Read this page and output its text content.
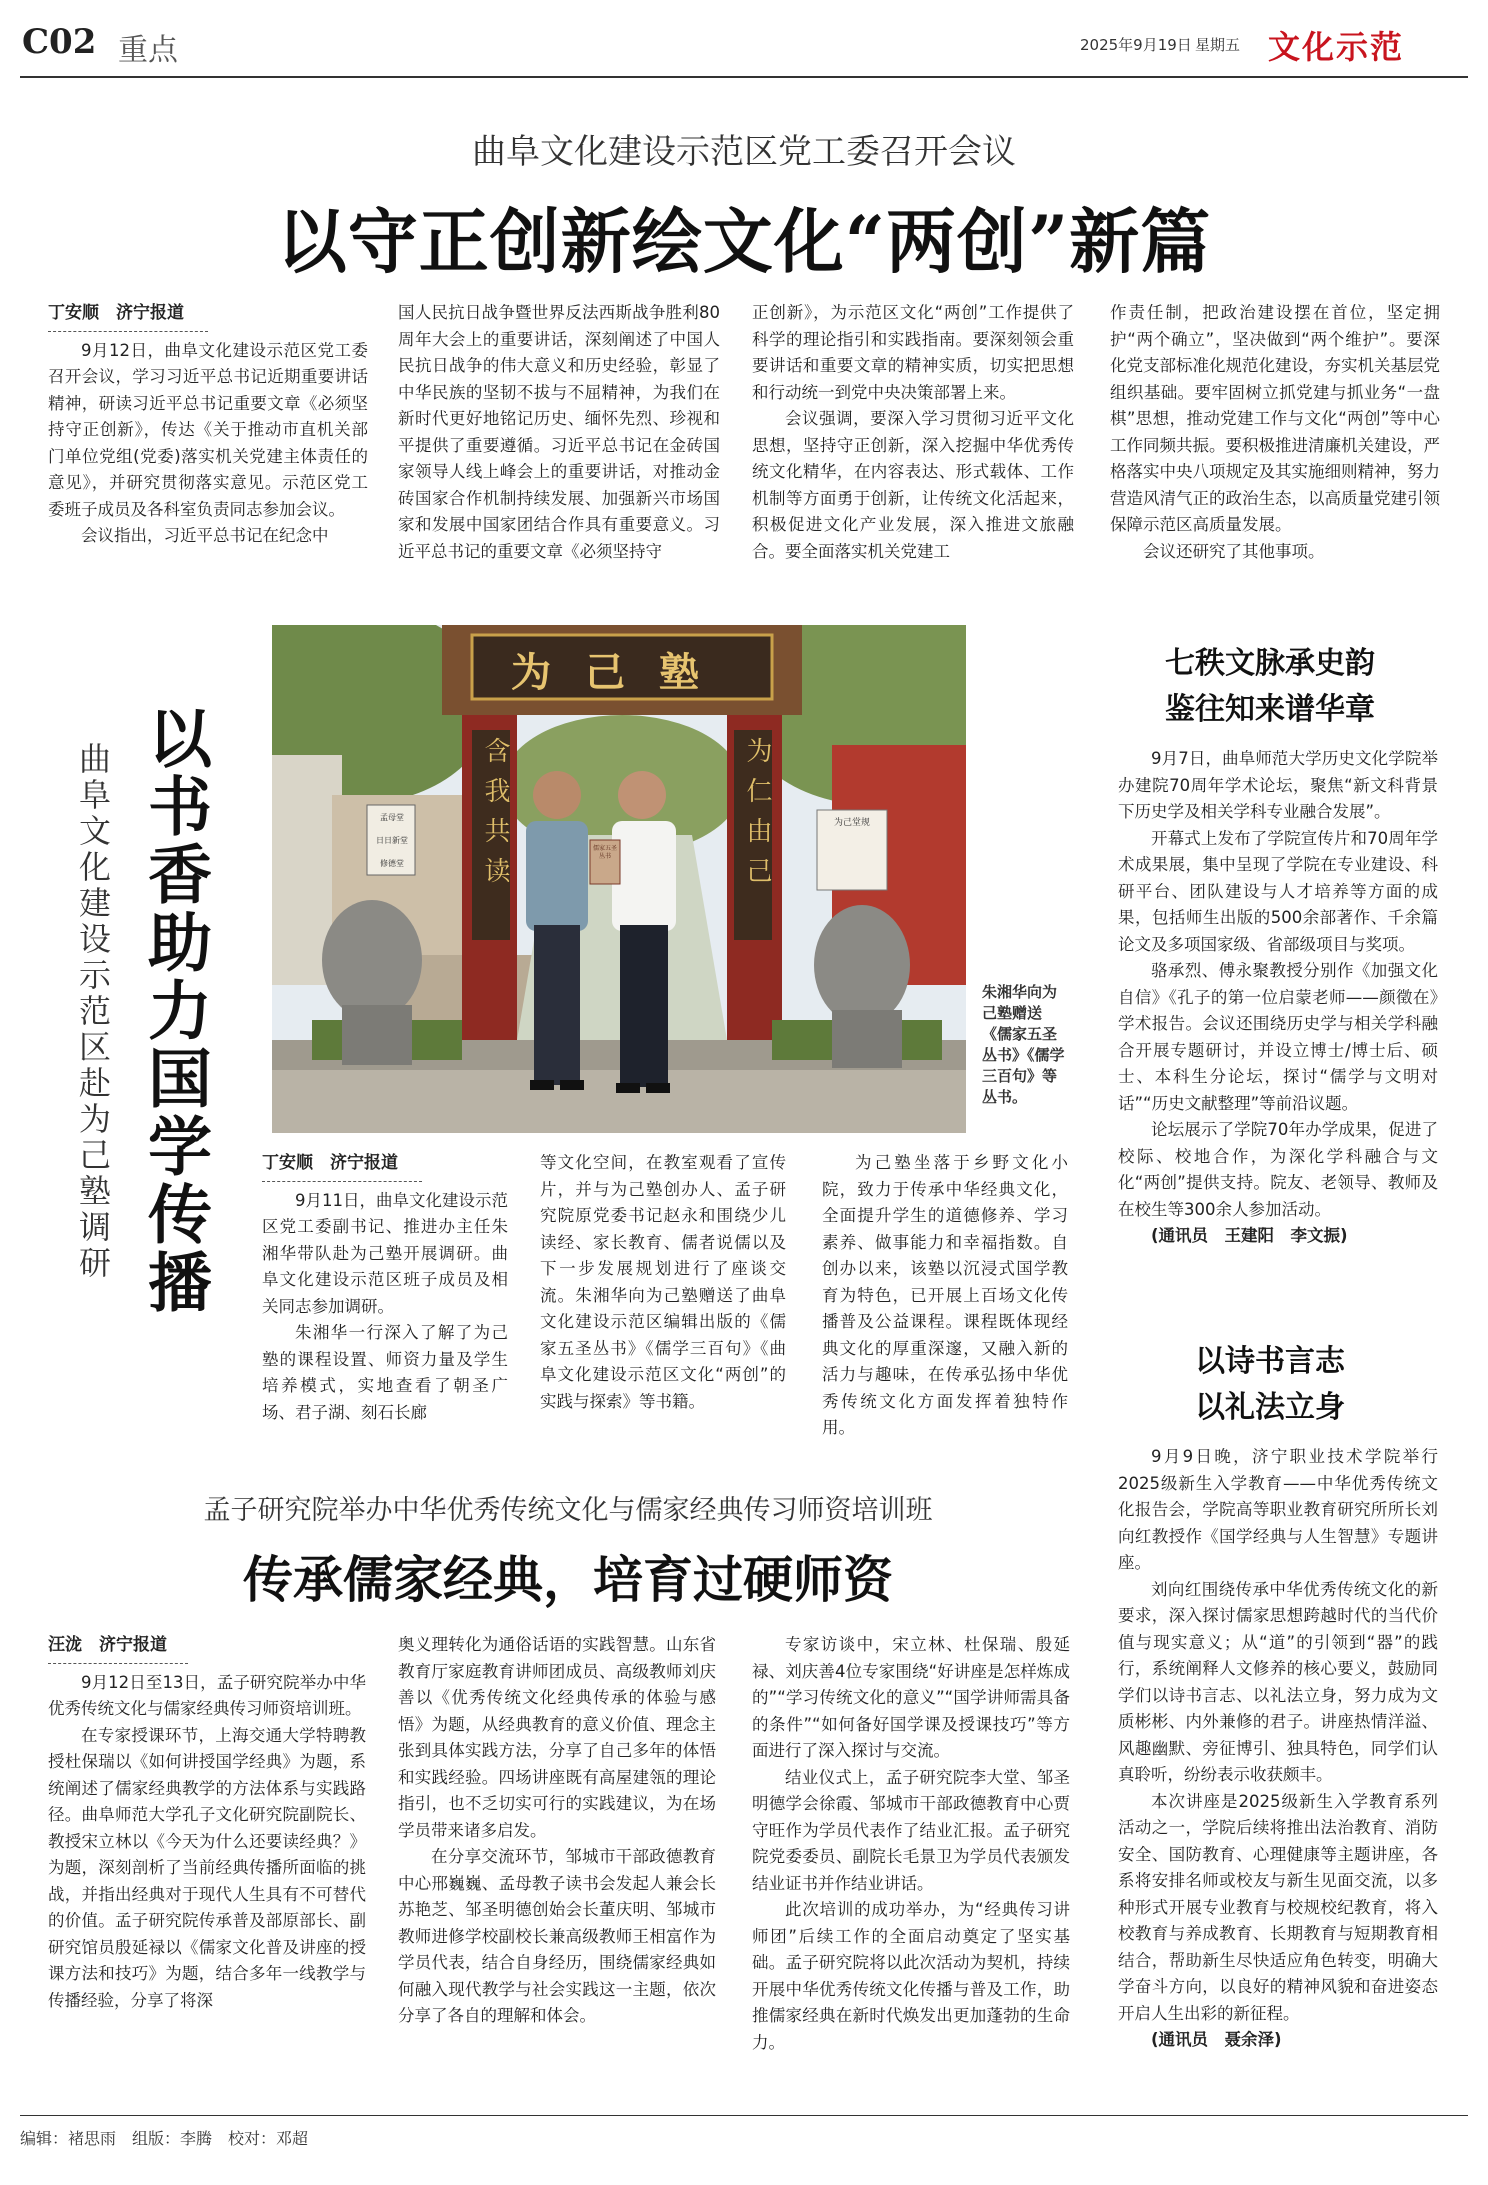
C02 重点	2025年9月19日 星期五 文化示范
曲阜文化建设示范区党工委召开会议
以守正创新绘文化“两创”新篇
丁安顺　济宁报道

9月12日，曲阜文化建设示范区党工委召开会议，学习习近平总书记近期重要讲话精神，研读习近平总书记重要文章《必须坚持守正创新》，传达《关于推动市直机关部门单位党组(党委)落实机关党建主体责任的意见》，并研究贯彻落实意见。示范区党工委班子成员及各科室负责同志参加会议。

会议指出，习近平总书记在纪念中

国人民抗日战争暨世界反法西斯战争胜利80周年大会上的重要讲话，深刻阐述了中国人民抗日战争的伟大意义和历史经验，彰显了中华民族的坚韧不拔与不屈精神，为我们在新时代更好地铭记历史、缅怀先烈、珍视和平提供了重要遵循。习近平总书记在金砖国家领导人线上峰会上的重要讲话，对推动金砖国家合作机制持续发展、加强新兴市场国家和发展中国家团结合作具有重要意义。习近平总书记的重要文章《必须坚持守

正创新》，为示范区文化“两创”工作提供了科学的理论指引和实践指南。要深刻领会重要讲话和重要文章的精神实质，切实把思想和行动统一到党中央决策部署上来。

会议强调，要深入学习贯彻习近平文化思想，坚持守正创新，深入挖掘中华优秀传统文化精华，在内容表达、形式载体、工作机制等方面勇于创新，让传统文化活起来，积极促进文化产业发展，深入推进文旅融合。要全面落实机关党建工

作责任制，把政治建设摆在首位，坚定拥护“两个确立”，坚决做到“两个维护”。要深化党支部标准化规范化建设，夯实机关基层党组织基础。要牢固树立抓党建与抓业务“一盘棋”思想，推动党建工作与文化“两创”等中心工作同频共振。要积极推进清廉机关建设，严格落实中央八项规定及其实施细则精神，努力营造风清气正的政治生态，以高质量党建引领保障示范区高质量发展。

会议还研究了其他事项。

以书香助力国学传播
曲阜文化建设示范区赴为己塾调研
为己塾
含我共读	为仁由己
孟母堂
日日新堂
修德堂
为己堂规
儒家五圣丛书
朱湘华向为己塾赠送《儒家五圣丛书》《儒学三百句》等丛书。
丁安顺　济宁报道

9月11日，曲阜文化建设示范区党工委副书记、推进办主任朱湘华带队赴为己塾开展调研。曲阜文化建设示范区班子成员及相关同志参加调研。

朱湘华一行深入了解了为己塾的课程设置、师资力量及学生培养模式，实地查看了朝圣广场、君子湖、刻石长廊

等文化空间，在教室观看了宣传片，并与为己塾创办人、孟子研究院原党委书记赵永和围绕少儿读经、家长教育、儒者说儒以及下一步发展规划进行了座谈交流。朱湘华向为己塾赠送了曲阜文化建设示范区编辑出版的《儒家五圣丛书》《儒学三百句》《曲阜文化建设示范区文化“两创”的实践与探索》等书籍。

为己塾坐落于乡野文化小院，致力于传承中华经典文化，全面提升学生的道德修养、学习素养、做事能力和幸福指数。自创办以来，该塾以沉浸式国学教育为特色，已开展上百场文化传播普及公益课程。课程既体现经典文化的厚重深邃，又融入新的活力与趣味，在传承弘扬中华优秀传统文化方面发挥着独特作用。

七秩文脉承史韵
鉴往知来谱华章

9月7日，曲阜师范大学历史文化学院举办建院70周年学术论坛，聚焦“新文科背景下历史学及相关学科专业融合发展”。

开幕式上发布了学院宣传片和70周年学术成果展，集中呈现了学院在专业建设、科研平台、团队建设与人才培养等方面的成果，包括师生出版的500余部著作、千余篇论文及多项国家级、省部级项目与奖项。

骆承烈、傅永聚教授分别作《加强文化自信》《孔子的第一位启蒙老师——颜徵在》学术报告。会议还围绕历史学与相关学科融合开展专题研讨，并设立博士/博士后、硕士、本科生分论坛，探讨“儒学与文明对话”“历史文献整理”等前沿议题。

论坛展示了学院70年办学成果，促进了校际、校地合作，为深化学科融合与文化“两创”提供支持。院友、老领导、教师及在校生等300余人参加活动。

(通讯员　王建阳　李文振)

以诗书言志
以礼法立身

9月9日晚，济宁职业技术学院举行2025级新生入学教育——中华优秀传统文化报告会，学院高等职业教育研究所所长刘向红教授作《国学经典与人生智慧》专题讲座。

刘向红围绕传承中华优秀传统文化的新要求，深入探讨儒家思想跨越时代的当代价值与现实意义；从“道”的引领到“器”的践行，系统阐释人文修养的核心要义，鼓励同学们以诗书言志、以礼法立身，努力成为文质彬彬、内外兼修的君子。讲座热情洋溢、风趣幽默、旁征博引、独具特色，同学们认真聆听，纷纷表示收获颇丰。

本次讲座是2025级新生入学教育系列活动之一，学院后续将推出法治教育、消防安全、国防教育、心理健康等主题讲座，各系将安排名师或校友与新生见面交流，以多种形式开展专业教育与校规校纪教育，将入校教育与养成教育、长期教育与短期教育相结合，帮助新生尽快适应角色转变，明确大学奋斗方向，以良好的精神风貌和奋进姿态开启人生出彩的新征程。

(通讯员　聂余泽)

孟子研究院举办中华优秀传统文化与儒家经典传习师资培训班
传承儒家经典，培育过硬师资
汪泷　济宁报道

9月12日至13日，孟子研究院举办中华优秀传统文化与儒家经典传习师资培训班。

在专家授课环节，上海交通大学特聘教授杜保瑞以《如何讲授国学经典》为题，系统阐述了儒家经典教学的方法体系与实践路径。曲阜师范大学孔子文化研究院副院长、教授宋立林以《今天为什么还要读经典？》为题，深刻剖析了当前经典传播所面临的挑战，并指出经典对于现代人生具有不可替代的价值。孟子研究院传承普及部原部长、副研究馆员殷延禄以《儒家文化普及讲座的授课方法和技巧》为题，结合多年一线教学与传播经验，分享了将深

奥义理转化为通俗话语的实践智慧。山东省教育厅家庭教育讲师团成员、高级教师刘庆善以《优秀传统文化经典传承的体验与感悟》为题，从经典教育的意义价值、理念主张到具体实践方法，分享了自己多年的体悟和实践经验。四场讲座既有高屋建瓴的理论指引，也不乏切实可行的实践建议，为在场学员带来诸多启发。

在分享交流环节，邹城市干部政德教育中心邢巍巍、孟母教子读书会发起人兼会长苏艳芝、邹圣明德创始会长董庆明、邹城市教师进修学校副校长兼高级教师王相富作为学员代表，结合自身经历，围绕儒家经典如何融入现代教学与社会实践这一主题，依次分享了各自的理解和体会。

专家访谈中，宋立林、杜保瑞、殷延禄、刘庆善4位专家围绕“好讲座是怎样炼成的”“学习传统文化的意义”“国学讲师需具备的条件”“如何备好国学课及授课技巧”等方面进行了深入探讨与交流。

结业仪式上，孟子研究院李大堂、邹圣明德学会徐霞、邹城市干部政德教育中心贾守旺作为学员代表作了结业汇报。孟子研究院党委委员、副院长毛景卫为学员代表颁发结业证书并作结业讲话。

此次培训的成功举办，为“经典传习讲师团”后续工作的全面启动奠定了坚实基础。孟子研究院将以此次活动为契机，持续开展中华优秀传统文化传播与普及工作，助推儒家经典在新时代焕发出更加蓬勃的生命力。

编辑：褚思雨　组版：李腾　校对：邓超
